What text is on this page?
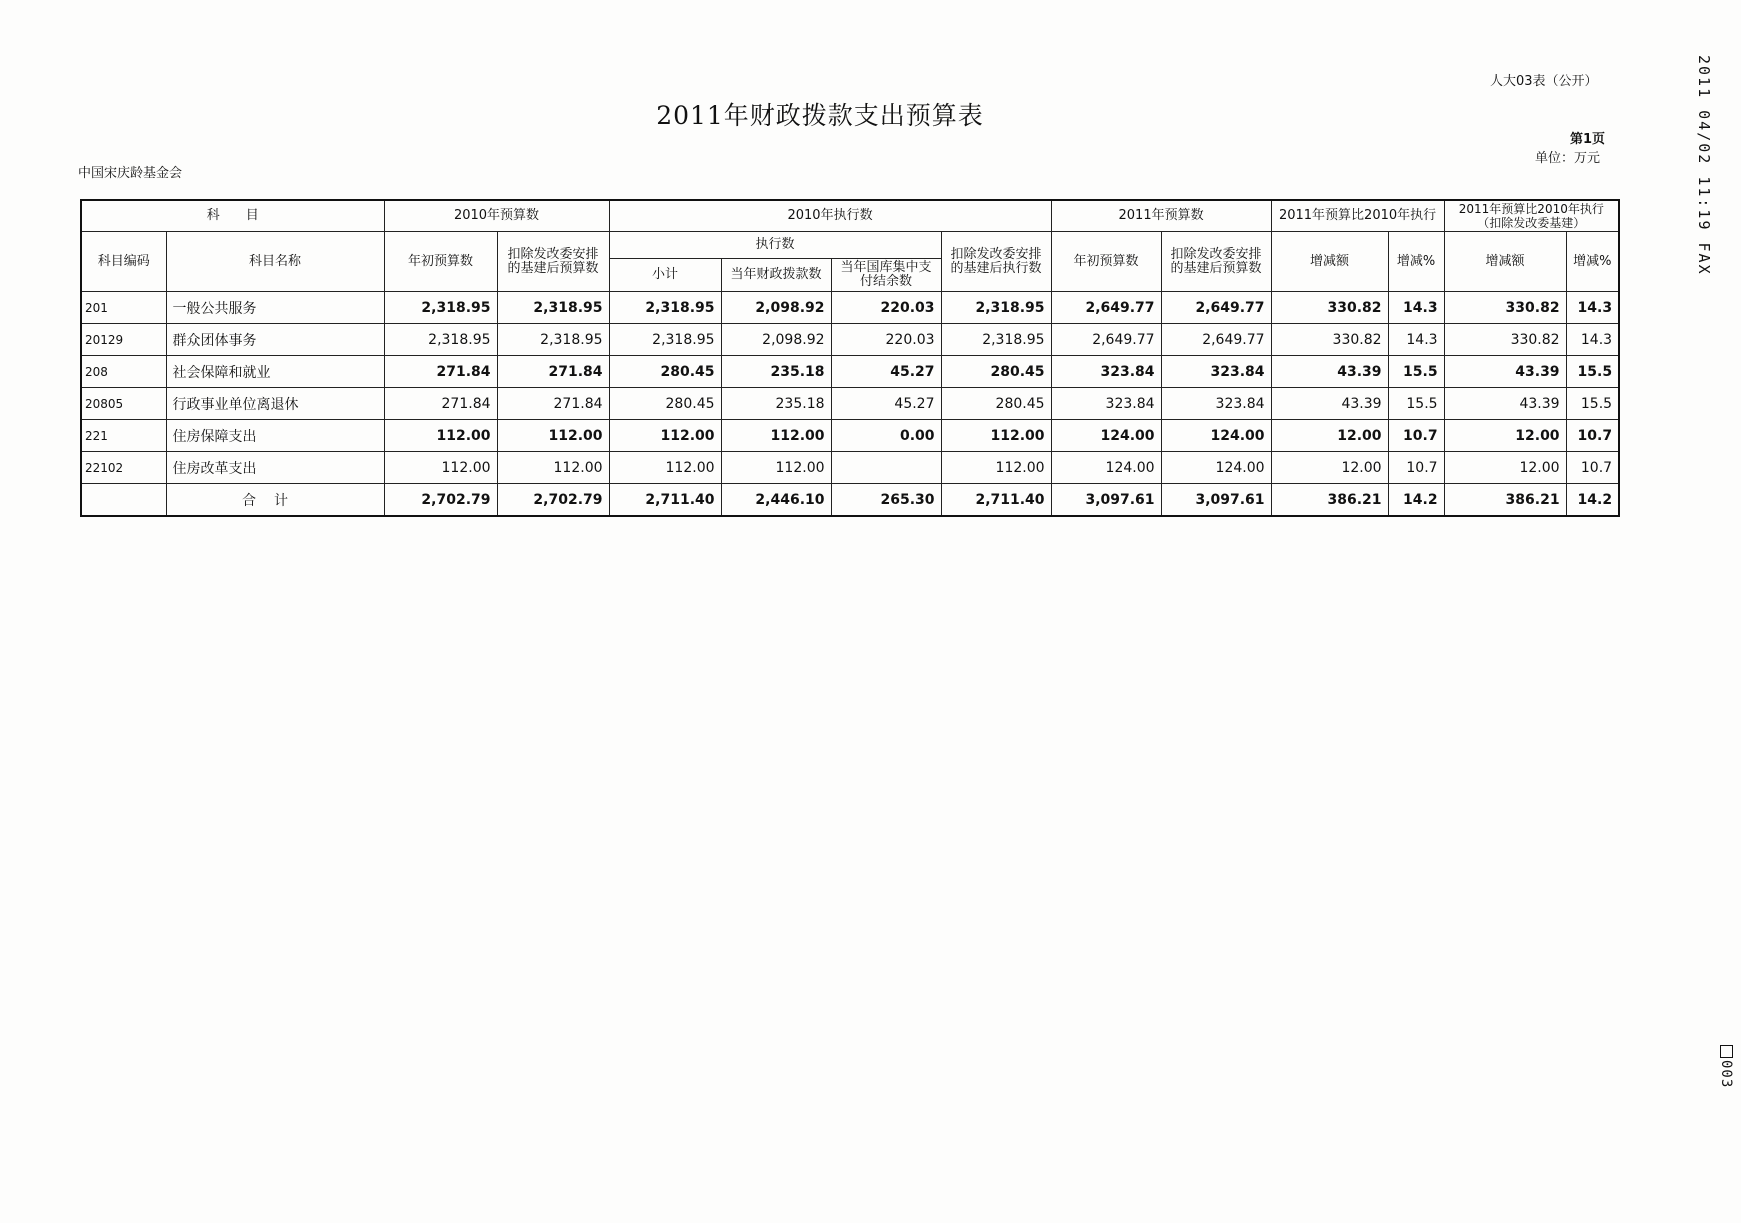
人大03表（公开）
2011年财政拨款支出预算表
第1页
单位：万元
中国宋庆龄基金会	2011 04/02 11:19 FAX
003
科　　目		2010年预算数		2010年执行数				2011年预算数		2011年预算比2010年执行		2011年预算比2010年执行（扣除发改委基建）	
科目编码	科目名称	年初预算数	扣除发改委安排的基建后预算数	执行数			扣除发改委安排的基建后执行数	年初预算数	扣除发改委安排的基建后预算数	增减额	增减%	增减额	增减%
				小计	当年财政拨款数	当年国库集中支付结余数							
201	一般公共服务	2,318.95	2,318.95	2,318.95	2,098.92	220.03	2,318.95	2,649.77	2,649.77	330.82	14.3	330.82	14.3
20129	群众团体事务	2,318.95	2,318.95	2,318.95	2,098.92	220.03	2,318.95	2,649.77	2,649.77	330.82	14.3	330.82	14.3
208	社会保障和就业	271.84	271.84	280.45	235.18	45.27	280.45	323.84	323.84	43.39	15.5	43.39	15.5
20805	行政事业单位离退休	271.84	271.84	280.45	235.18	45.27	280.45	323.84	323.84	43.39	15.5	43.39	15.5
221	住房保障支出	112.00	112.00	112.00	112.00	0.00	112.00	124.00	124.00	12.00	10.7	12.00	10.7
22102	住房改革支出	112.00	112.00	112.00	112.00		112.00	124.00	124.00	12.00	10.7	12.00	10.7
	合计	2,702.79	2,702.79	2,711.40	2,446.10	265.30	2,711.40	3,097.61	3,097.61	386.21	14.2	386.21	14.2
